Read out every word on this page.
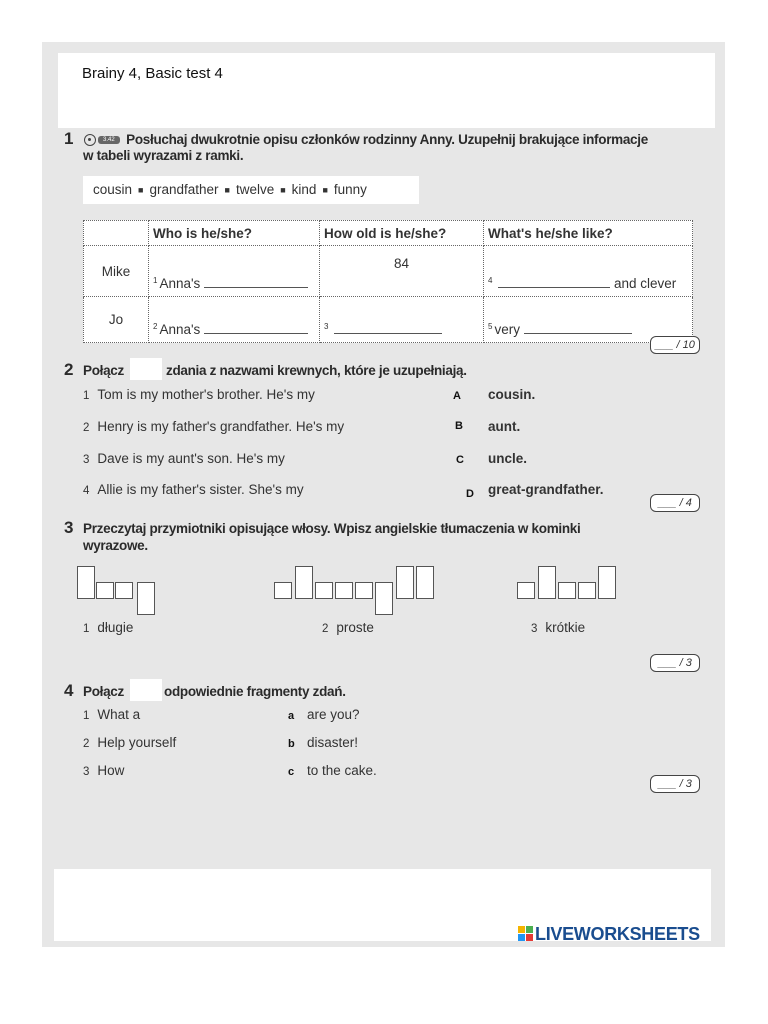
Brainy 4, Basic test 4
1	3.42 Posłuchaj dwukrotnie opisu członków rodzinny Anny. Uzupełnij brakujące informacje
w tabeli wyrazami z ramki.
cousin ■ grandfather ■ twelve ■ kind ■ funny
	Who is he/she?	How old is he/she?	What's he/she like?
Mike	$^1$ Anna's	84	$^4$ and clever
Jo	$^2$ Anna's	$^3$	$^5$ very
___ / 10
2 Połącz	zdania z nazwami krewnych, które je uzupełniają.
1 Tom is my mother's brother. He's my	A cousin.
2 Henry is my father's grandfather. He's my	B aunt.
3 Dave is my aunt's son. He's my	C uncle.
4 Allie is my father's sister. She's my	D great-grandfather.
___ / 4
3 Przeczytaj przymiotniki opisujące włosy. Wpisz angielskie tłumaczenia w kominki
wyrazowe.
1 długie	2 proste	3 krótkie
___ / 3
4 Połącz	odpowiednie fragmenty zdań.
1 What a	a are you?
2 Help yourself	b disaster!
3 How	c to the cake.
___ / 3
LIVEWORKSHEETS
